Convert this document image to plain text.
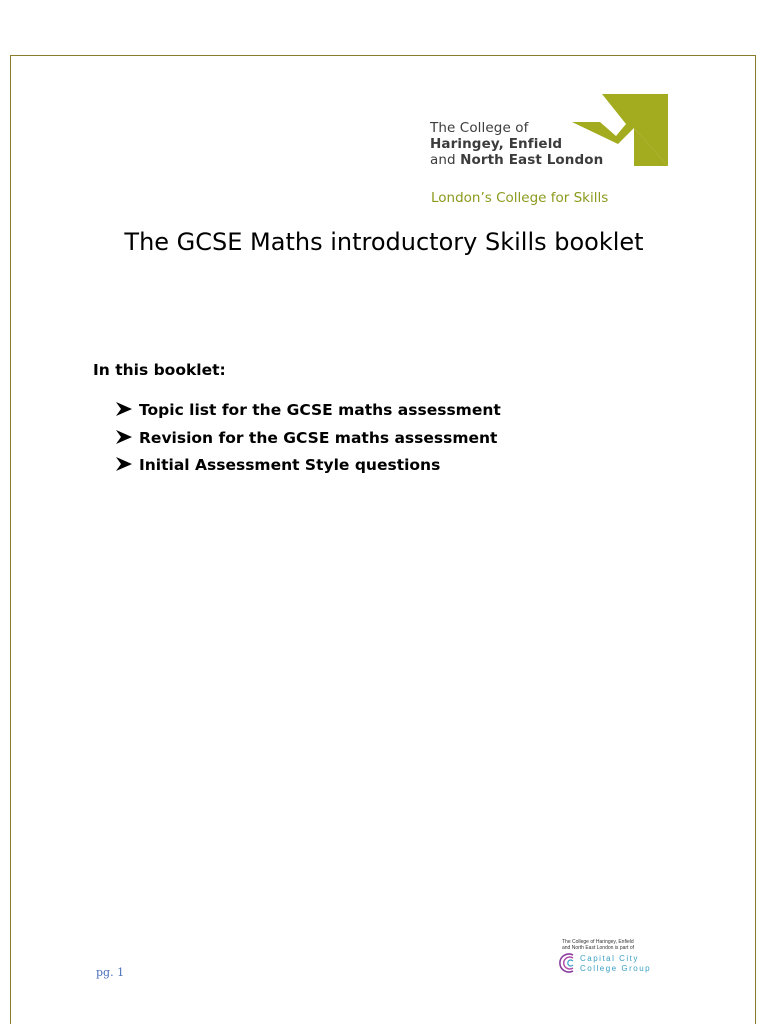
The College of
Haringey, Enfield
and North East London
London’s College for Skills
The GCSE Maths introductory Skills booklet
In this booklet:
Topic list for the GCSE maths assessment
Revision for the GCSE maths assessment
Initial Assessment Style questions
pg. 1
The College of Haringey, Enfield
and North East London is part of
Capital City
College Group
